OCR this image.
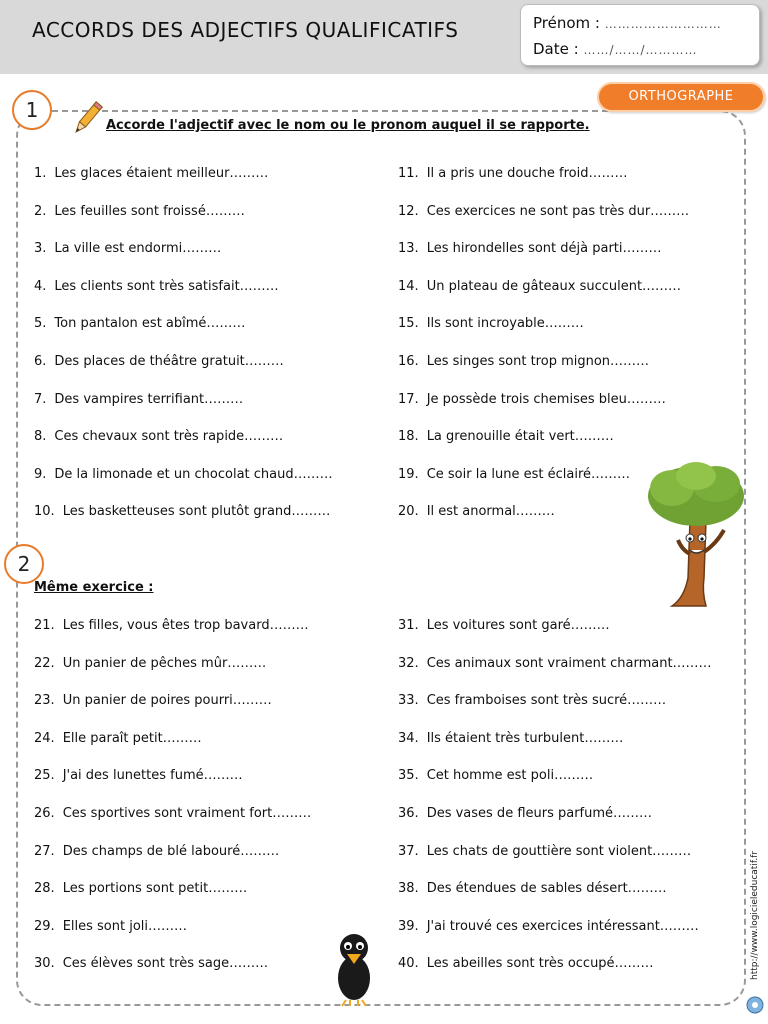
ACCORDS DES ADJECTIFS QUALIFICATIFS	Prénom : ………………………
Date : ……/……/…………
ORTHOGRAPHE
1
Accorde l'adjectif avec le nom ou le pronom auquel il se rapporte.
1. Les glaces étaient meilleur………
2. Les feuilles sont froissé………
3. La ville est endormi………
4. Les clients sont très satisfait………
5. Ton pantalon est abîmé………
6. Des places de théâtre gratuit………
7. Des vampires terrifiant………
8. Ces chevaux sont très rapide………
9. De la limonade et un chocolat chaud………
10. Les basketteuses sont plutôt grand………
11. Il a pris une douche froid………
12. Ces exercices ne sont pas très dur………
13. Les hirondelles sont déjà parti………
14. Un plateau de gâteaux succulent………
15. Ils sont incroyable………
16. Les singes sont trop mignon………
17. Je possède trois chemises bleu………
18. La grenouille était vert………
19. Ce soir la lune est éclairé………
20. Il est anormal………
2
Même exercice :
21. Les filles, vous êtes trop bavard………
22. Un panier de pêches mûr………
23. Un panier de poires pourri………
24. Elle paraît petit………
25. J'ai des lunettes fumé………
26. Ces sportives sont vraiment fort………
27. Des champs de blé labouré………
28. Les portions sont petit………
29. Elles sont joli………
30. Ces élèves sont très sage………
31. Les voitures sont garé………
32. Ces animaux sont vraiment charmant………
33. Ces framboises sont très sucré………
34. Ils étaient très turbulent………
35. Cet homme est poli………
36. Des vases de fleurs parfumé………
37. Les chats de gouttière sont violent………
38. Des étendues de sables désert………
39. J'ai trouvé ces exercices intéressant………
40. Les abeilles sont très occupé………	http://www.logicieleducatif.fr
